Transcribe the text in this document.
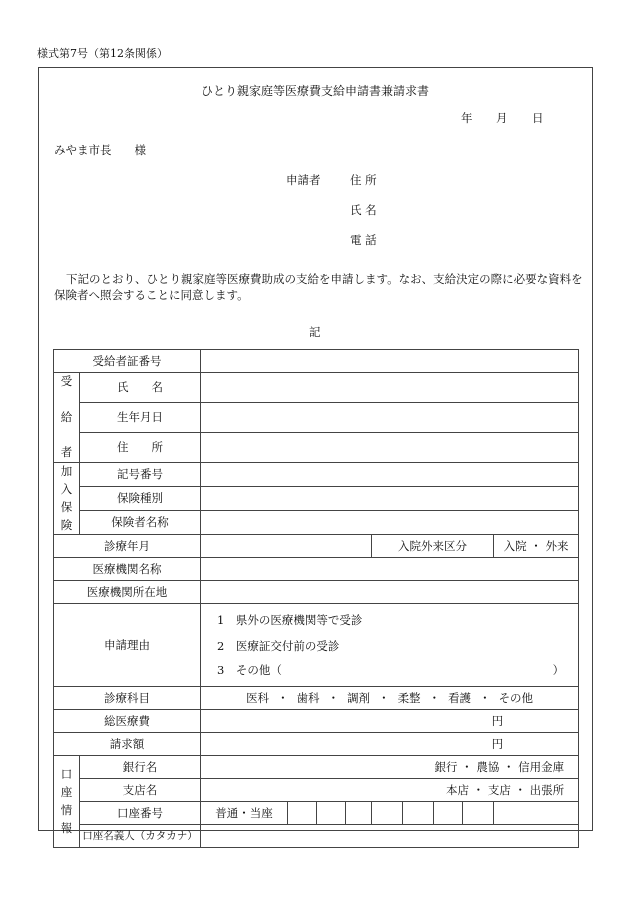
様式第7号（第12条関係）
ひとり親家庭等医療費支給申請書兼請求書
年 月 日
みやま市長　　様
申請者	住 所
氏 名
電 話
下記のとおり、ひとり親家庭等医療費助成の支給を申請します。なお、支給決定の際に必要な資料を
保険者へ照会することに同意します。
記
受給者証番号										
受

給

者	氏　　名									
	生年月日									
	住　　所									
加
入
保
険	記号番号									
	保険種別									
	保険者名称									
診療年月						入院外来区分				入院 ・ 外来
医療機関名称										
医療機関所在地										
申請理由		1　県外の医療機関等で受診
2　医療証交付前の受診
3　その他（ ）								

診療科目		医科 ・ 歯科 ・ 調剤 ・ 柔整 ・ 看護 ・ その他								
総医療費		円								
請求額		円								
口
座
情
報	銀行名	銀行 ・ 農協 ・ 信用金庫								
	支店名	本店 ・ 支店 ・ 出張所								
	口座番号	普通・当座								
	口座名義人（カタカナ）									
